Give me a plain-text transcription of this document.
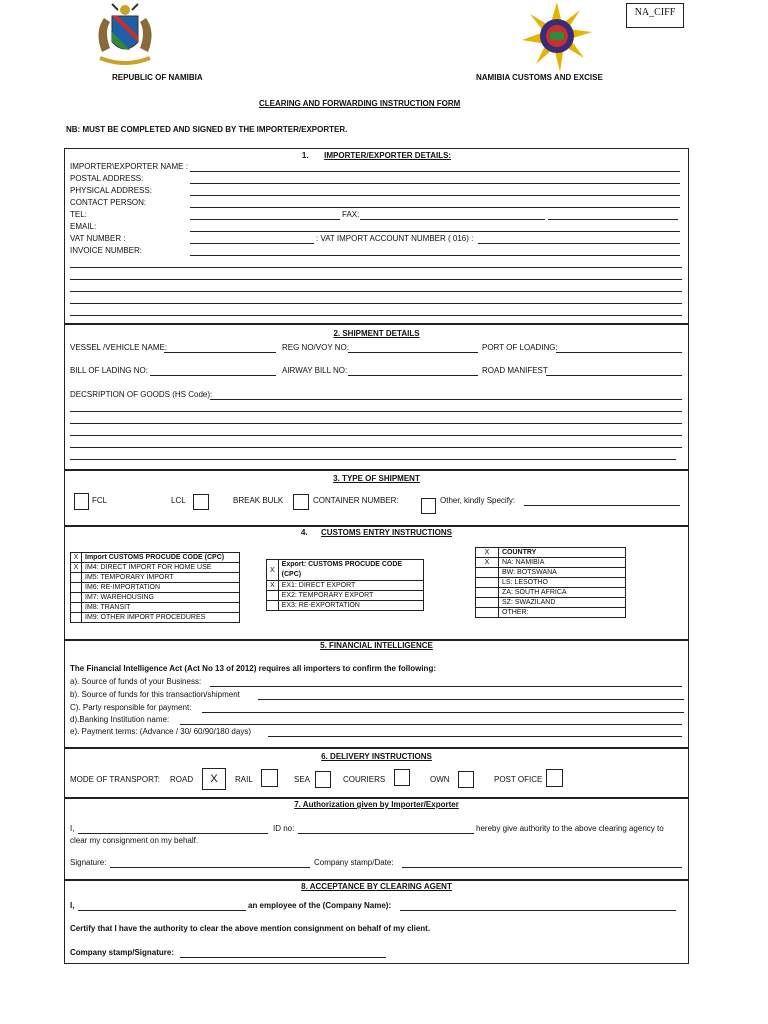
REPUBLIC OF NAMIBIA	NAMIBIA CUSTOMS AND EXCISE
NA_CIFF
CLEARING AND FORWARDING INSTRUCTION FORM
NB: MUST BE COMPLETED AND SIGNED BY THE IMPORTER/EXPORTER.
1. IMPORTER/EXPORTER DETAILS:
IMPORTER\EXPORTER NAME :
POSTAL ADDRESS:
PHYSICAL ADDRESS:
CONTACT PERSON:
TEL:
EMAIL:
VAT NUMBER :
INVOICE NUMBER:
FAX:
: VAT IMPORT ACCOUNT NUMBER ( 016) :
2. SHIPMENT DETAILS
VESSEL /VEHICLE NAME:	REG NO/VOY NO:	PORT OF LOADING:
BILL OF LADING NO:	AIRWAY BILL NO:	ROAD MANIFEST
DECSRIPTION OF GOODS (HS Code):
3. TYPE OF SHIPMENT
FCL	LCL	BREAK BULK	CONTAINER NUMBER:	Other, kindly Specify:
4. CUSTOMS ENTRY INSTRUCTIONS
X	Import CUSTOMS PROCUDE CODE (CPC)
X	IM4: DIRECT IMPORT FOR HOME USE
	IM5: TEMPORARY IMPORT
	IM6: RE-IMPORTATION
	IM7: WAREHOUSING
	IM8: TRANSIT
	IM9: OTHER IMPORT PROCEDURES
X	Export: CUSTOMS PROCUDE CODE (CPC)
X	EX1: DIRECT EXPORT
	EX2: TEMPORARY EXPORT
	EX3: RE-EXPORTATION
X	COUNTRY
X	NA: NAMIBIA
	BW: BOTSWANA
	LS: LESOTHO
	ZA: SOUTH AFRICA
	SZ: SWAZILAND
	OTHER:
5. FINANCIAL INTELLIGENCE
The Financial Intelligence Act (Act No 13 of 2012) requires all importers to confirm the following:
a). Source of funds of your Business:
b). Source of funds for this transaction/shipment
C). Party responsible for payment:
d).Banking Institution name:
e). Payment terms: (Advance / 30/ 60/90/180 days)
6. DELIVERY INSTRUCTIONS
MODE OF TRANSPORT: ROAD	X	RAIL	SEA	COURIERS	OWN	POST OFICE
7. Authorization given by Importer/Exporter
I,	ID no:	hereby give authority to the above clearing agency to
clear my consignment on my behalf.
Signature:	Company stamp/Date:
8. ACCEPTANCE BY CLEARING AGENT
I,	an employee of the (Company Name):
Certify that I have the authority to clear the above mention consignment on behalf of my client.
Company stamp/Signature:
